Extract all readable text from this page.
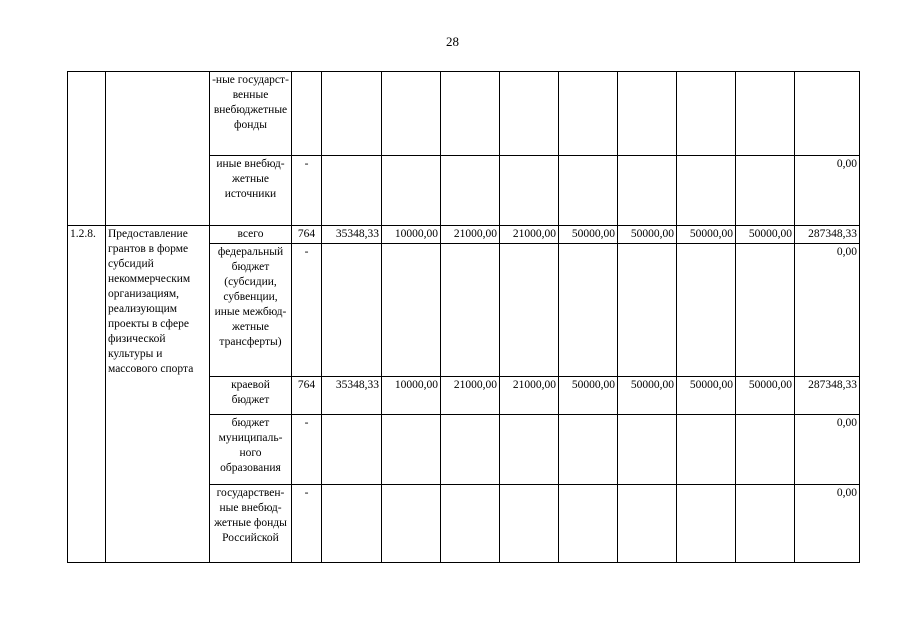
28
		-ные государст-венные внебюджетные фонды										
		иные внебюд-жетные источники	-									0,00
1.2.8.	Предоставление грантов в форме субсидий некоммерческим организациям, реализующим проекты в сфере физической культуры и массового спорта	всего	764	35348,33	10000,00	21000,00	21000,00	50000,00	50000,00	50000,00	50000,00	287348,33
		федеральный бюджет (субсидии, субвенции, иные межбюд-жетные трансферты)	-									0,00
		краевой бюджет	764	35348,33	10000,00	21000,00	21000,00	50000,00	50000,00	50000,00	50000,00	287348,33
		бюджет муниципаль-ного образования	-									0,00
		государствен-ные внебюд-жетные фонды Российской	-									0,00
